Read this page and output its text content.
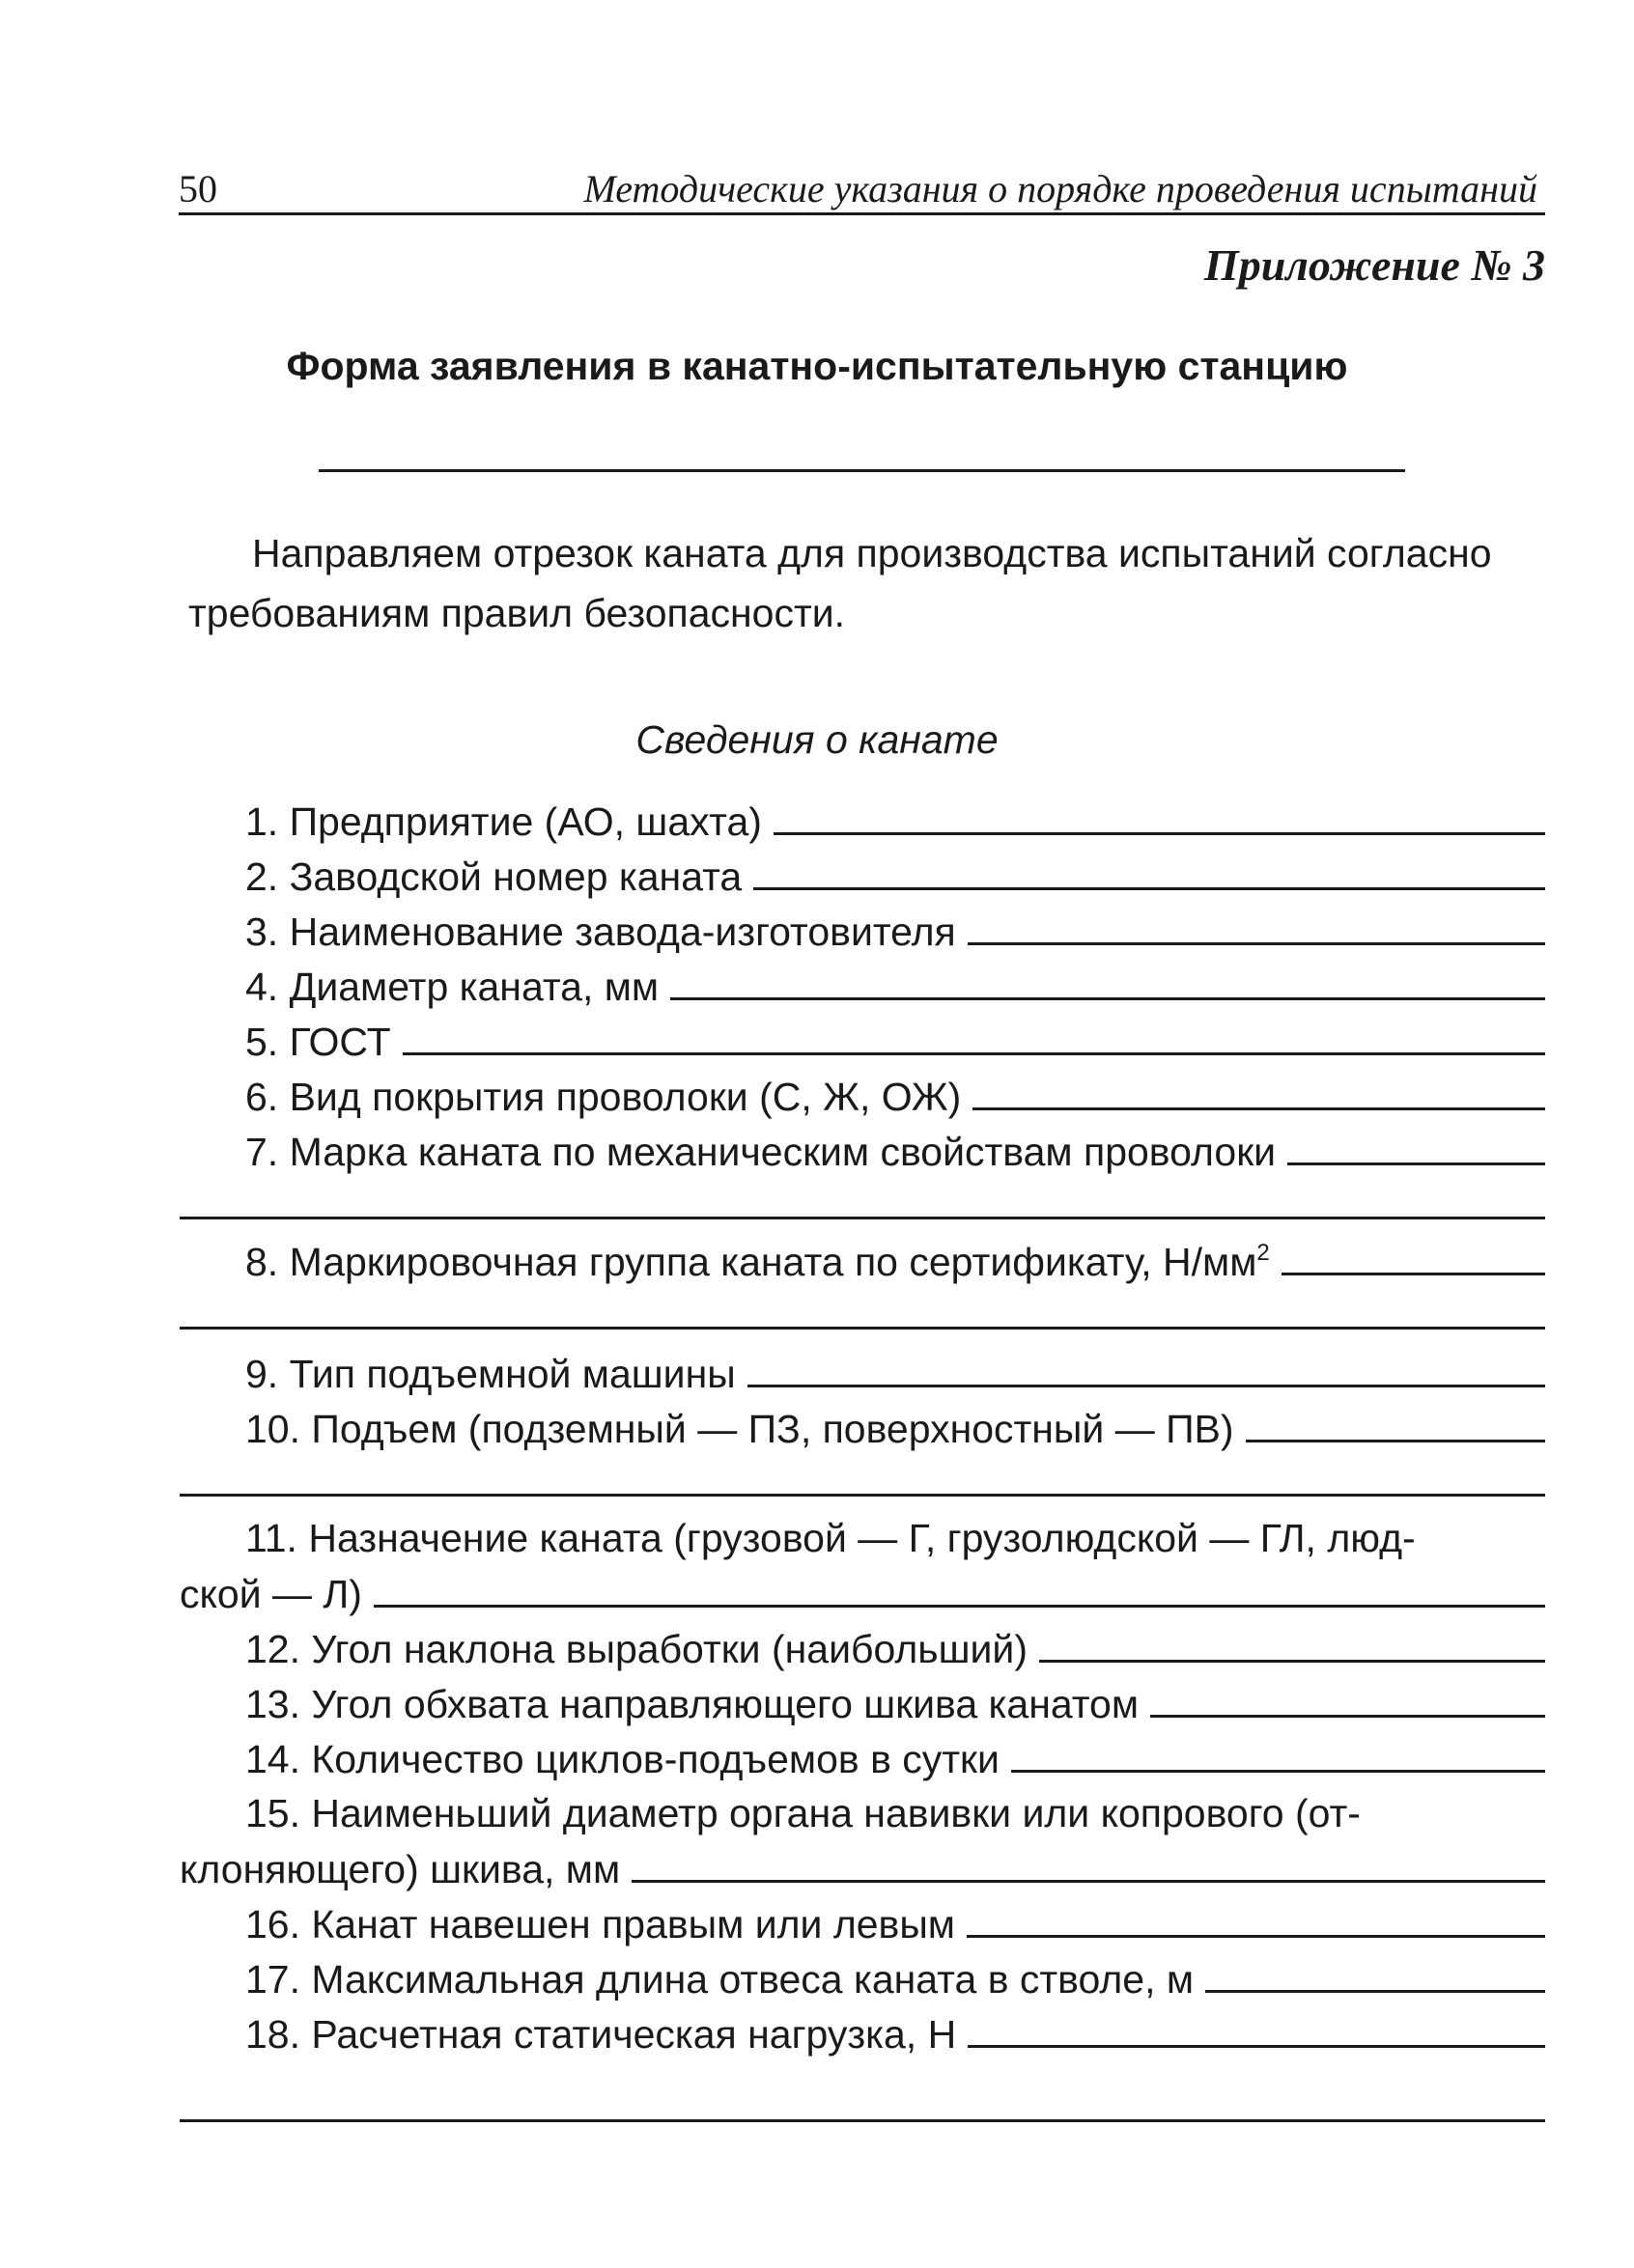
50	Методические указания о порядке проведения испытаний
Приложение № 3
Форма заявления в канатно-испытательную станцию
Направляем отрезок каната для производства испытаний согласно требованиям правил безопасности.
Сведения о канате
1. Предприятие (АО, шахта)
2. Заводской номер каната
3. Наименование завода-изготовителя
4. Диаметр каната, мм
5. ГОСТ
6. Вид покрытия проволоки (С, Ж, ОЖ)
7. Марка каната по механическим свойствам проволоки
8. Маркировочная группа каната по сертификату, $Н/мм^2$
9. Тип подъемной машины
10. Подъем (подземный — ПЗ, поверхностный — ПВ)
11. Назначение каната (грузовой — Г, грузолюдской — ГЛ, люд-
ской — Л)
12. Угол наклона выработки (наибольший)
13. Угол обхвата направляющего шкива канатом
14. Количество циклов-подъемов в сутки
15. Наименьший диаметр органа навивки или копрового (от-
клоняющего) шкива, мм
16. Канат навешен правым или левым
17. Максимальная длина отвеса каната в стволе, м
18. Расчетная статическая нагрузка, Н
